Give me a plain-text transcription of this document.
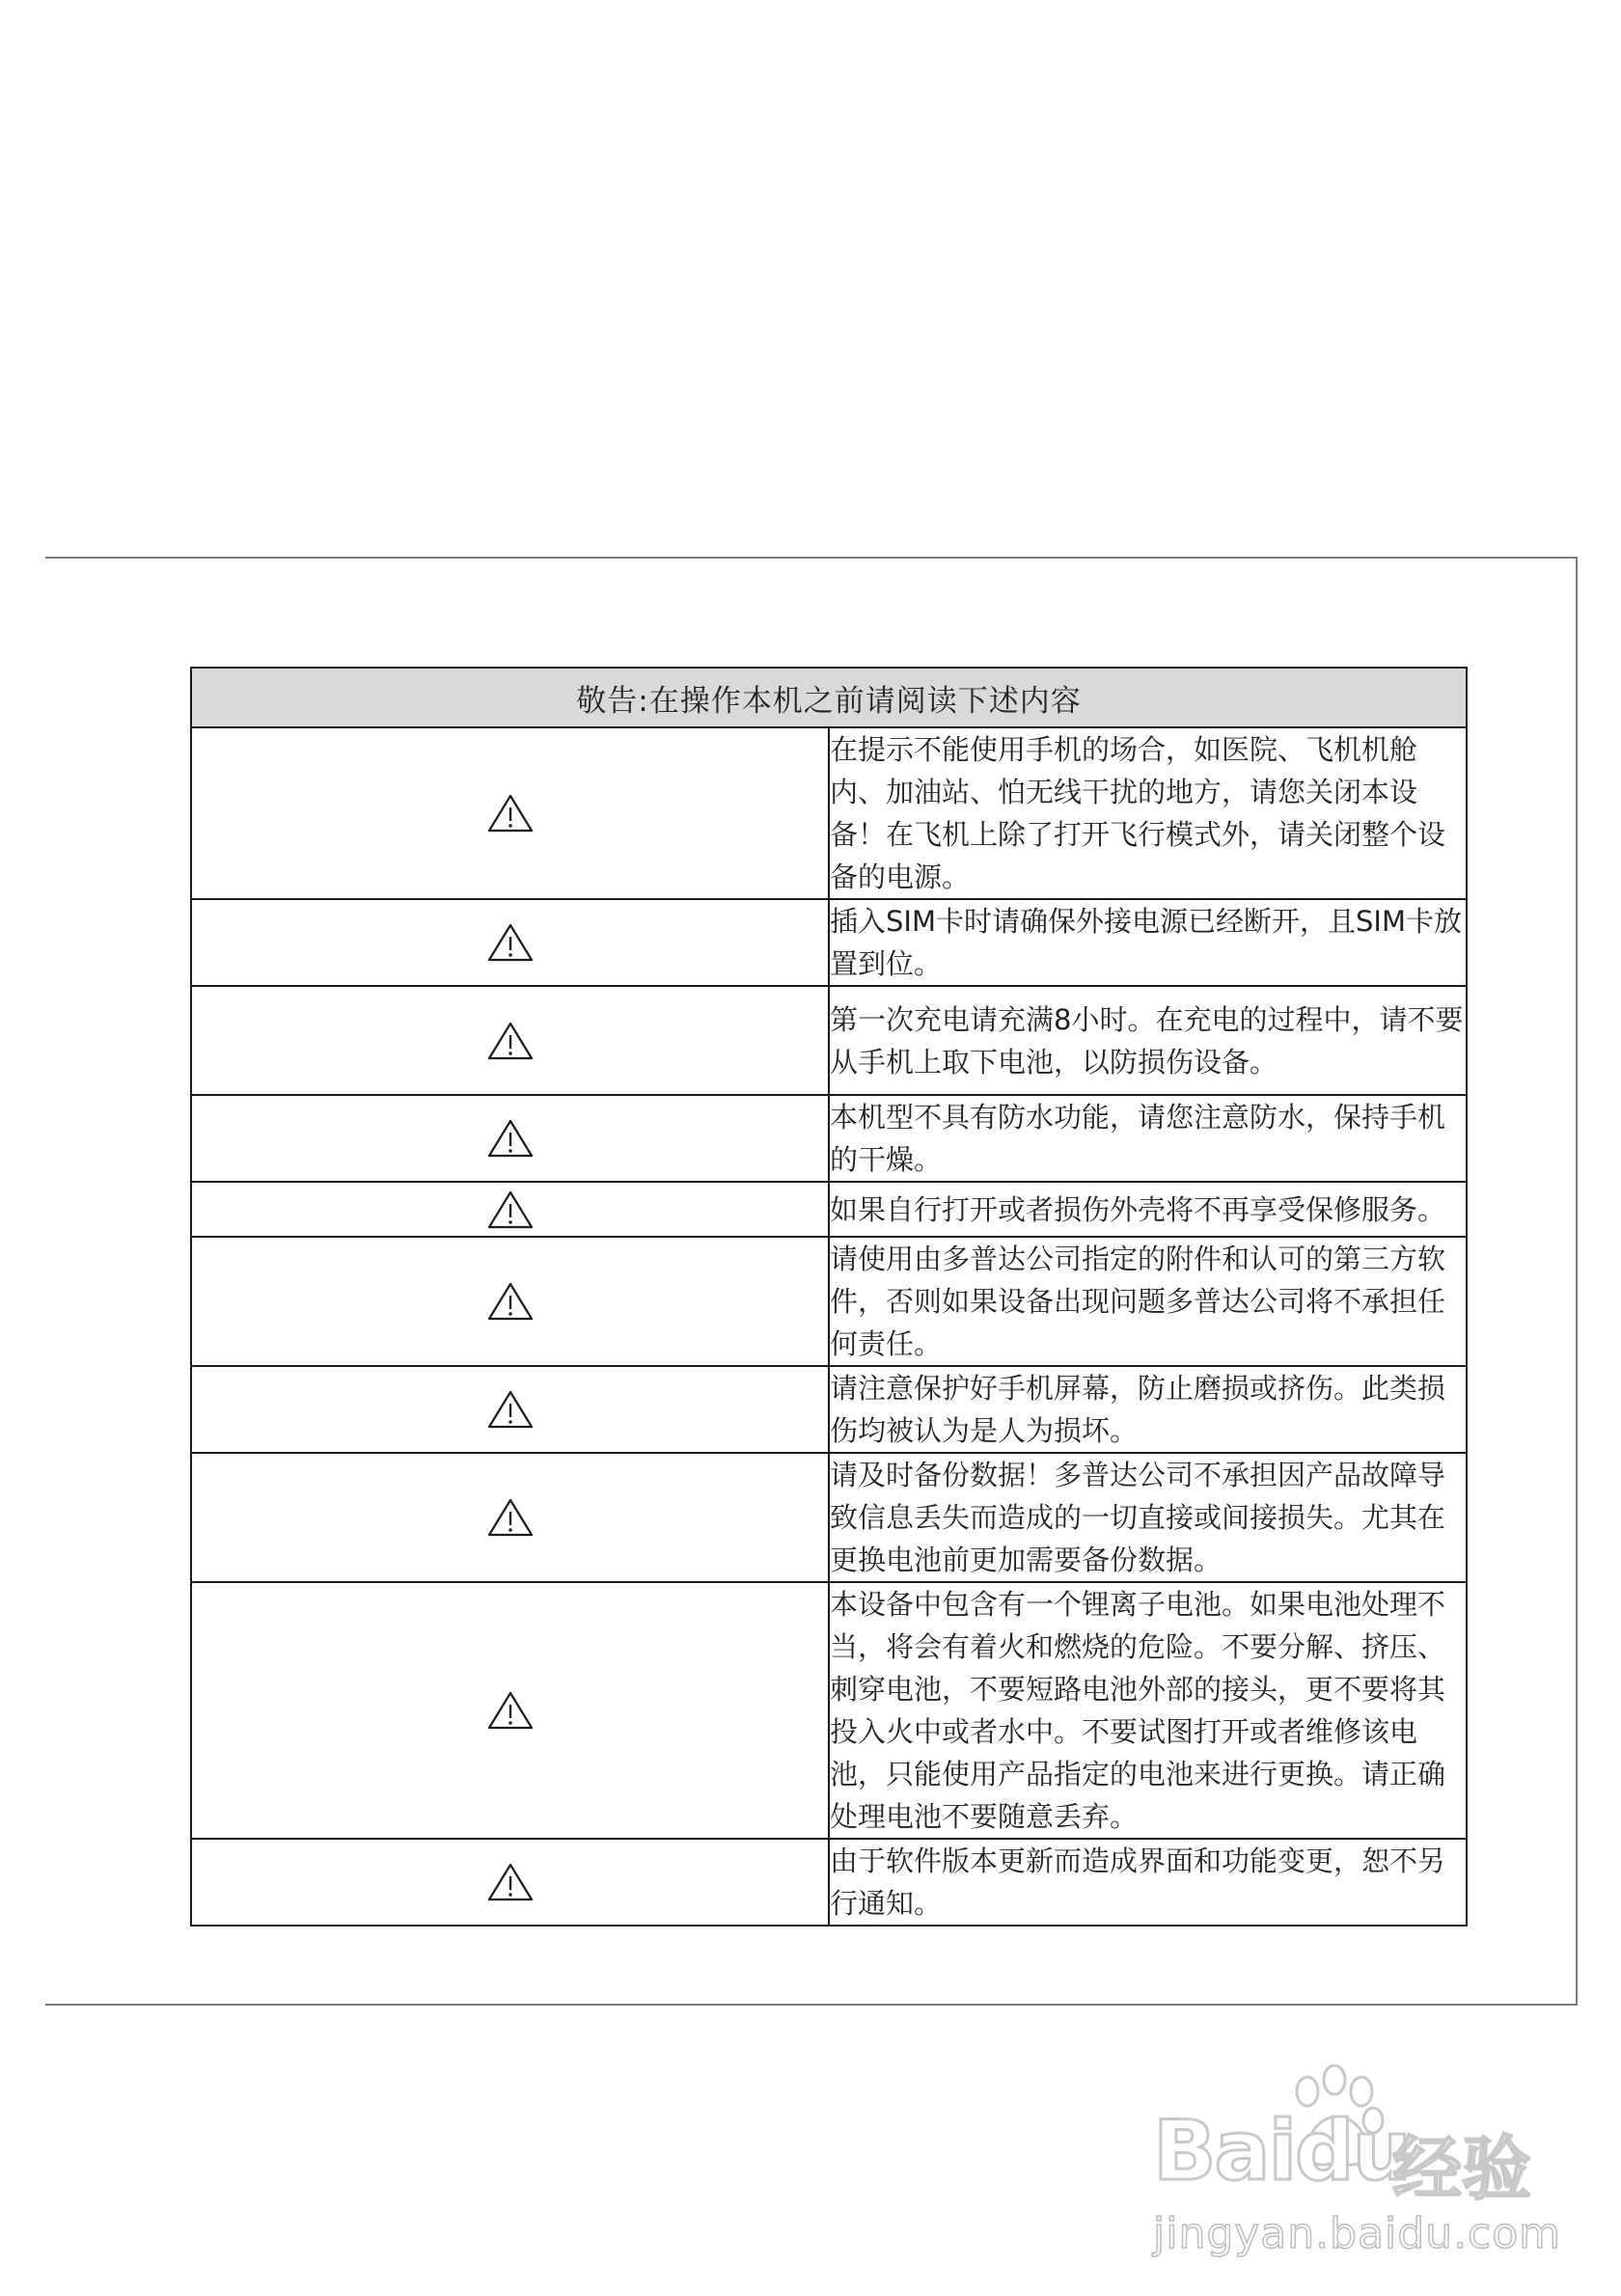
敬告:在操作本机之前请阅读下述内容	
	在提示不能使用手机的场合，如医院、飞机机舱内、加油站、怕无线干扰的地方，请您关闭本设备！在飞机上除了打开飞行模式外，请关闭整个设备的电源。
	插入SIM卡时请确保外接电源已经断开，且SIM卡放置到位。
	第一次充电请充满8小时。在充电的过程中，请不要从手机上取下电池，以防损伤设备。
	本机型不具有防水功能，请您注意防水，保持手机的干燥。
	如果自行打开或者损伤外壳将不再享受保修服务。
	请使用由多普达公司指定的附件和认可的第三方软件，否则如果设备出现问题多普达公司将不承担任何责任。
	请注意保护好手机屏幕，防止磨损或挤伤。此类损伤均被认为是人为损坏。
	请及时备份数据！多普达公司不承担因产品故障导致信息丢失而造成的一切直接或间接损失。尤其在更换电池前更加需要备份数据。
	本设备中包含有一个锂离子电池。如果电池处理不当，将会有着火和燃烧的危险。不要分解、挤压、刺穿电池，不要短路电池外部的接头，更不要将其投入火中或者水中。不要试图打开或者维修该电池，只能使用产品指定的电池来进行更换。请正确处理电池不要随意丢弃。
	由于软件版本更新而造成界面和功能变更，恕不另行通知。
Baidu
经验
jingyan.baidu.com
